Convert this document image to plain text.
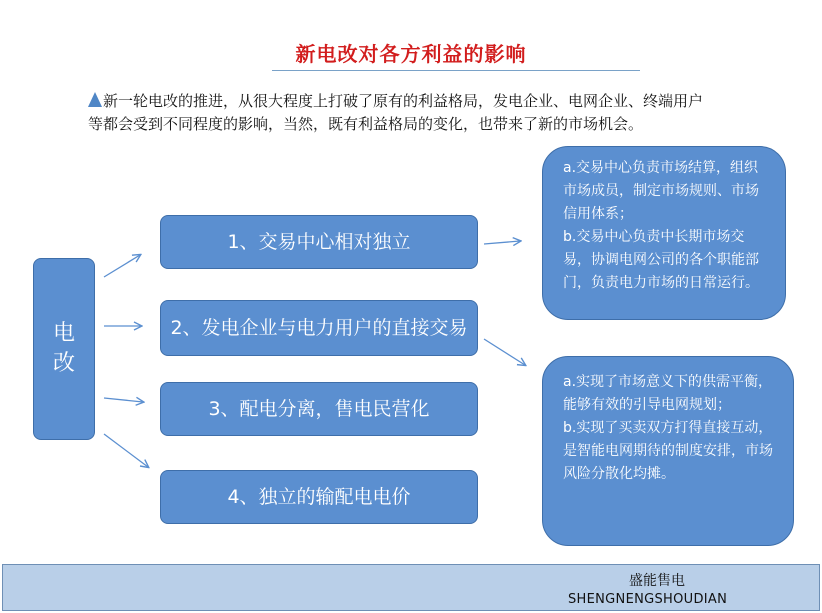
新电改对各方利益的影响
新一轮电改的推进，从很大程度上打破了原有的利益格局，发电企业、电网企业、终端用户等都会受到不同程度的影响，当然，既有利益格局的变化，也带来了新的市场机会。
电
改
1、交易中心相对独立
2、发电企业与电力用户的直接交易
3、配电分离，售电民营化
4、独立的输配电电价

a.交易中心负责市场结算，组织市场成员，制定市场规则、市场信用体系；

b.交易中心负责中长期市场交易，协调电网公司的各个职能部门，负责电力市场的日常运行。

a.实现了市场意义下的供需平衡，能够有效的引导电网规划；

b.实现了买卖双方打得直接互动，是智能电网期待的制度安排，市场风险分散化均摊。

盛能售电
SHENGNENGSHOUDIAN
